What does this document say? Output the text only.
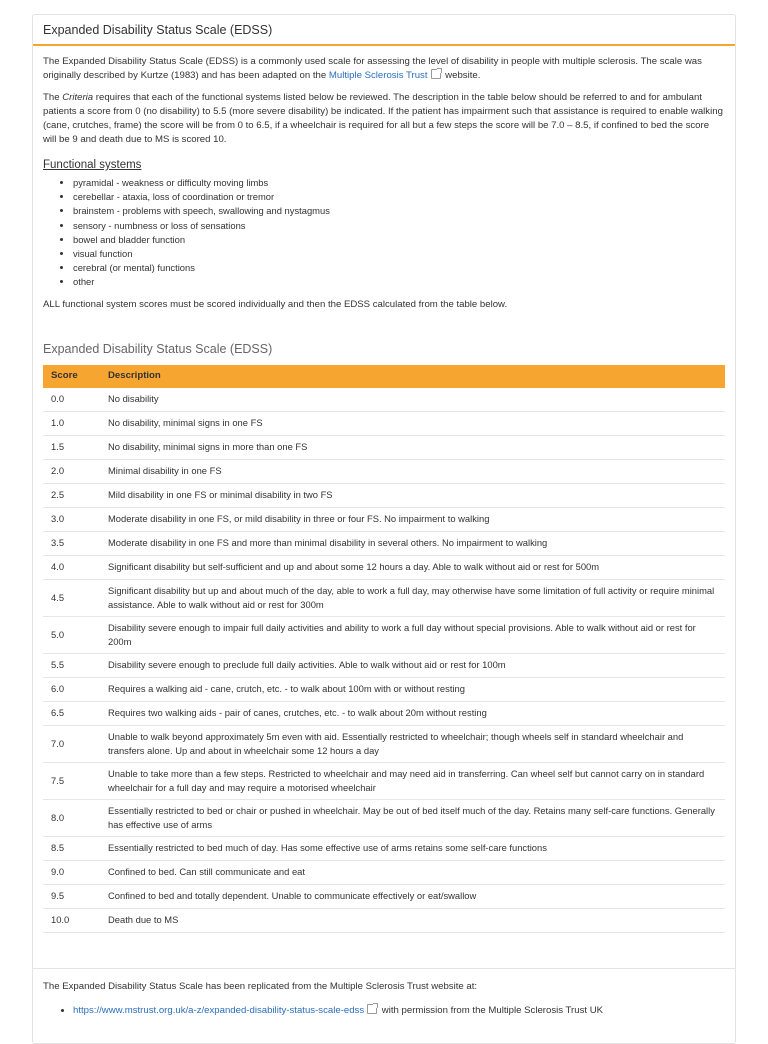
Expanded Disability Status Scale (EDSS)

The Expanded Disability Status Scale (EDSS) is a commonly used scale for assessing the level of disability in people with multiple sclerosis. The scale was originally described by Kurtze (1983) and has been adapted on the Multiple Sclerosis Trust website.

The Criteria requires that each of the functional systems listed below be reviewed. The description in the table below should be referred to and for ambulant patients a score from 0 (no disability) to 5.5 (more severe disability) be indicated. If the patient has impairment such that assistance is required to enable walking (cane, crutches, frame) the score will be from 0 to 6.5, if a wheelchair is required for all but a few steps the score will be 7.0 – 8.5, if confined to bed the score will be 9 and death due to MS is scored 10.

Functional systems
• pyramidal - weakness or difficulty moving limbs
• cerebellar - ataxia, loss of coordination or tremor
• brainstem - problems with speech, swallowing and nystagmus
• sensory - numbness or loss of sensations
• bowel and bladder function
• visual function
• cerebral (or mental) functions
• other

ALL functional system scores must be scored individually and then the EDSS calculated from the table below.

Expanded Disability Status Scale (EDSS)
Score	Description
0.0	No disability
1.0	No disability, minimal signs in one FS
1.5	No disability, minimal signs in more than one FS
2.0	Minimal disability in one FS
2.5	Mild disability in one FS or minimal disability in two FS
3.0	Moderate disability in one FS, or mild disability in three or four FS. No impairment to walking
3.5	Moderate disability in one FS and more than minimal disability in several others. No impairment to walking
4.0	Significant disability but self-sufficient and up and about some 12 hours a day. Able to walk without aid or rest for 500m
4.5	Significant disability but up and about much of the day, able to work a full day, may otherwise have some limitation of full activity or require minimal assistance. Able to walk without aid or rest for 300m
5.0	Disability severe enough to impair full daily activities and ability to work a full day without special provisions. Able to walk without aid or rest for 200m
5.5	Disability severe enough to preclude full daily activities. Able to walk without aid or rest for 100m
6.0	Requires a walking aid - cane, crutch, etc. - to walk about 100m with or without resting
6.5	Requires two walking aids - pair of canes, crutches, etc. - to walk about 20m without resting
7.0	Unable to walk beyond approximately 5m even with aid. Essentially restricted to wheelchair; though wheels self in standard wheelchair and transfers alone. Up and about in wheelchair some 12 hours a day
7.5	Unable to take more than a few steps. Restricted to wheelchair and may need aid in transferring. Can wheel self but cannot carry on in standard wheelchair for a full day and may require a motorised wheelchair
8.0	Essentially restricted to bed or chair or pushed in wheelchair. May be out of bed itself much of the day. Retains many self-care functions. Generally has effective use of arms
8.5	Essentially restricted to bed much of day. Has some effective use of arms retains some self-care functions
9.0	Confined to bed. Can still communicate and eat
9.5	Confined to bed and totally dependent. Unable to communicate effectively or eat/swallow
10.0	Death due to MS

The Expanded Disability Status Scale has been replicated from the Multiple Sclerosis Trust website at:

• https://www.mstrust.org.uk/a-z/expanded-disability-status-scale-edss with permission from the Multiple Sclerosis Trust UK
